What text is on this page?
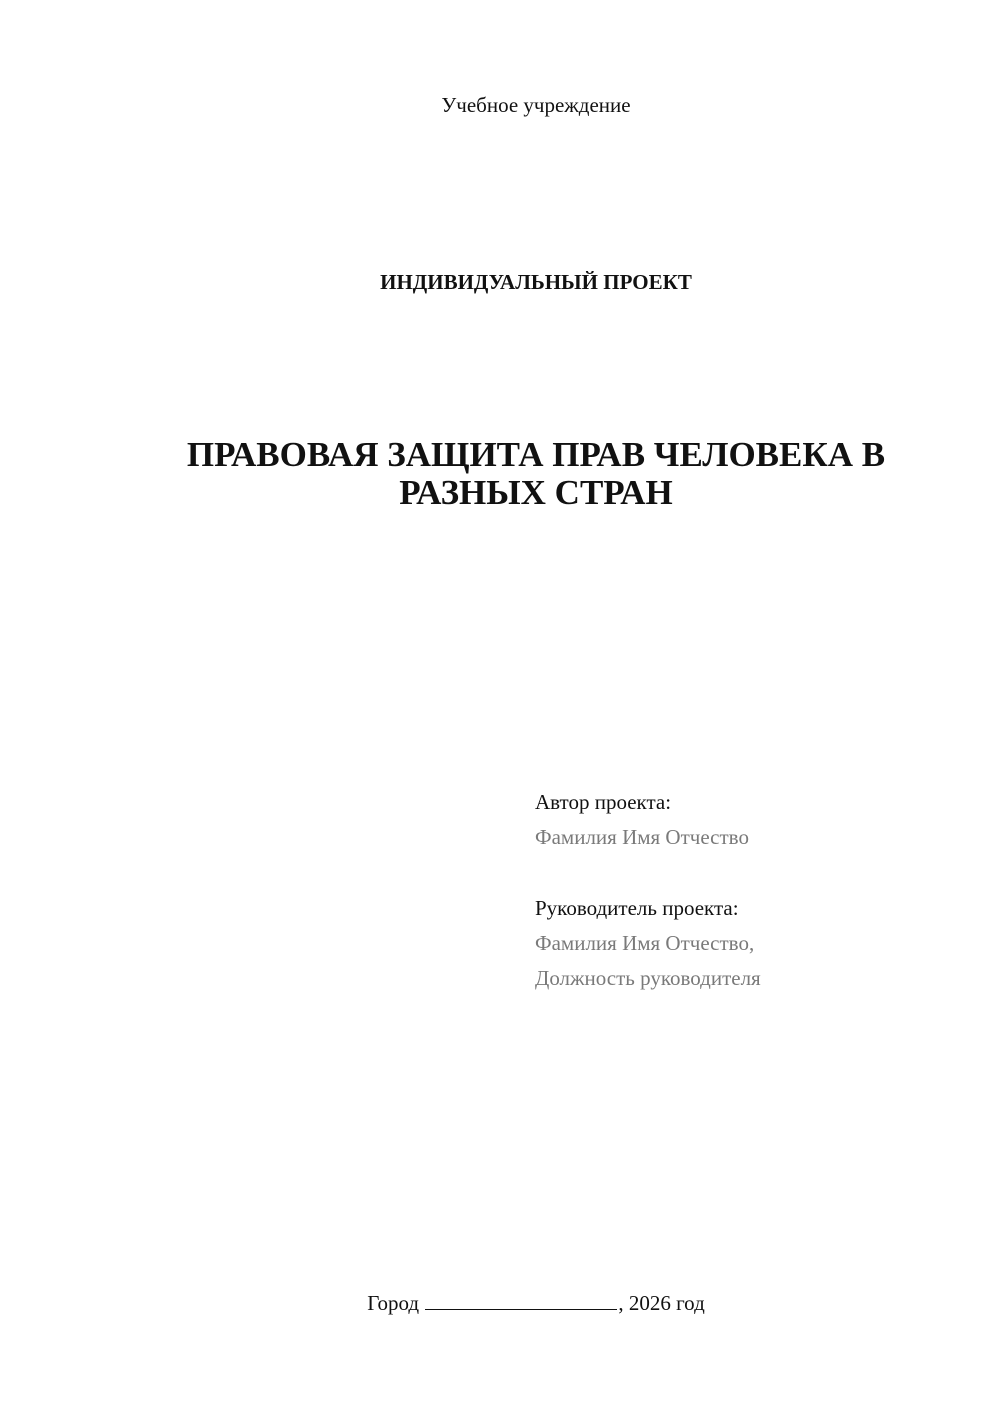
Учебное учреждение
ИНДИВИДУАЛЬНЫЙ ПРОЕКТ
ПРАВОВАЯ ЗАЩИТА ПРАВ ЧЕЛОВЕКА В
РАЗНЫХ СТРАН
Автор проекта:
Фамилия Имя Отчество
Руководитель проекта:
Фамилия Имя Отчество,
Должность руководителя
Город	, 2026 год
